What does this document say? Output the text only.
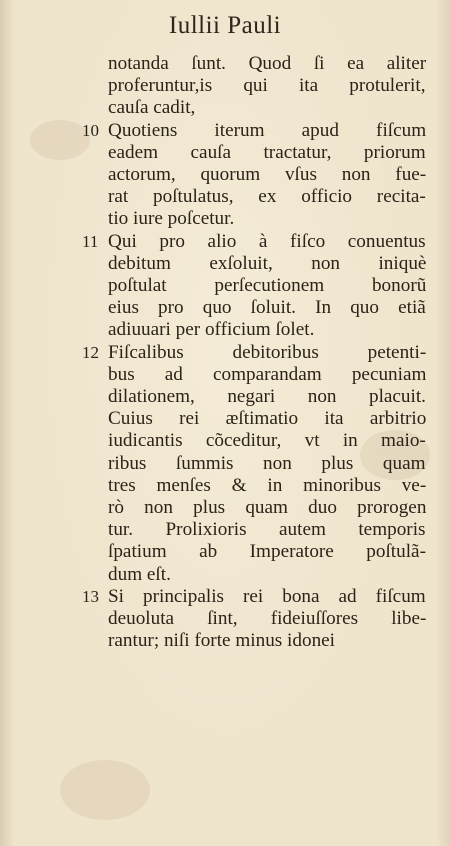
Iullii Pauli
notanda ſunt. Quod ſi ea aliter
proferuntur,is qui ita protulerit,
cauſa cadit,
10 Quotiens iterum apud fiſcum
eadem cauſa tractatur, priorum
actorum, quorum vſus non fue-
rat poſtulatus, ex officio recita-
tio iure poſcetur.
11 Qui pro alio à fiſco conuentus
debitum exſoluit, non iniquè
poſtulat perſecutionem bonorũ
eius pro quo ſoluit. In quo etiã
adiuuari per officium ſolet.
12 Fiſcalibus debitoribus petenti-
bus ad comparandam pecuniam
dilationem, negari non placuit.
Cuius rei æſtimatio ita arbitrio
iudicantis cõceditur, vt in maio-
ribus ſummis non plus quam
tres menſes & in minoribus ve-
rò non plus quam duo prorogen
tur. Prolixioris autem temporis
ſpatium ab Imperatore poſtulã-
dum eſt.
13 Si principalis rei bona ad fiſcum
deuoluta ſint, fideiuſſores libe-
rantur; niſi forte minus idonei
